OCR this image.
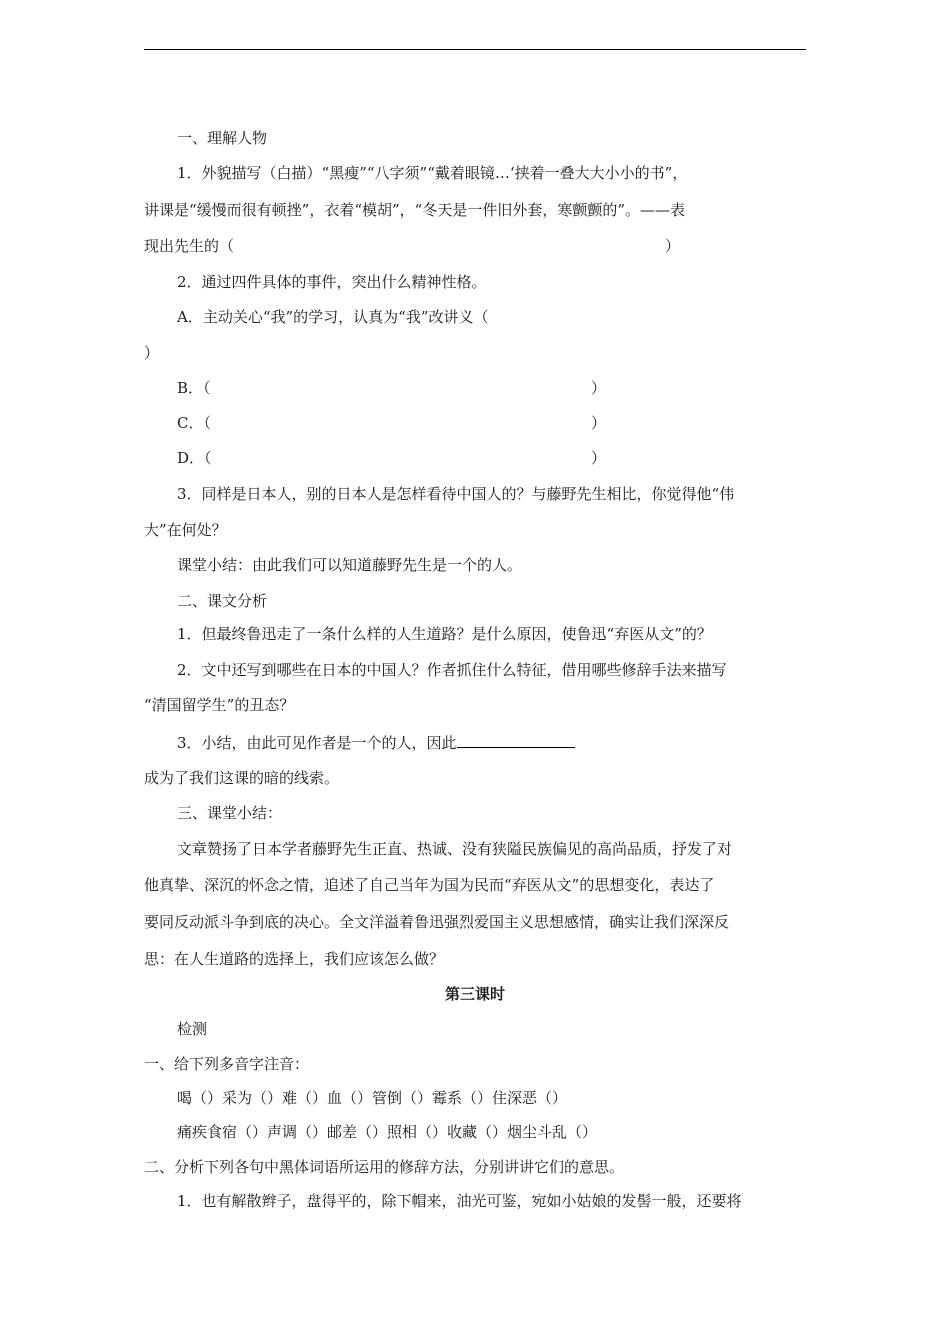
一、理解人物
1．外貌描写（白描）“黑瘦”“八字须”“戴着眼镜…‘挟着一叠大大小小的书”，
讲课是“缓慢而很有顿挫”，衣着“模胡”，“冬天是一件旧外套，寒颤颤的”。——表
现出先生的（	）
2．通过四件具体的事件，突出什么精神性格。
A．主动关心“我”的学习，认真为“我”改讲义（
）
B．（	）
C．（	）
D．（	）
3．同样是日本人，别的日本人是怎样看待中国人的？与藤野先生相比，你觉得他“伟
大”在何处？
课堂小结：由此我们可以知道藤野先生是一个的人。
二、课文分析
1．但最终鲁迅走了一条什么样的人生道路？是什么原因，使鲁迅“弃医从文”的？
2．文中还写到哪些在日本的中国人？作者抓住什么特征，借用哪些修辞手法来描写
“清国留学生”的丑态？
3．小结，由此可见作者是一个的人，因此
成为了我们这课的暗的线索。
三、课堂小结：
文章赞扬了日本学者藤野先生正直、热诚、没有狭隘民族偏见的高尚品质，抒发了对
他真挚、深沉的怀念之情，追述了自己当年为国为民而“弃医从文”的思想变化，表达了
要同反动派斗争到底的决心。全文洋溢着鲁迅强烈爱国主义思想感情，确实让我们深深反
思：在人生道路的选择上，我们应该怎么做？
第三课时
检测
一、给下列多音字注音：
喝（）采为（）难（）血（）管倒（）霉系（）住深恶（）
痛疾食宿（）声调（）邮差（）照相（）收藏（）烟尘斗乱（）
二、分析下列各句中黑体词语所运用的修辞方法，分别讲讲它们的意思。
1．也有解散辫子，盘得平的，除下帽来，油光可鉴，宛如小姑娘的发髻一般，还要将
